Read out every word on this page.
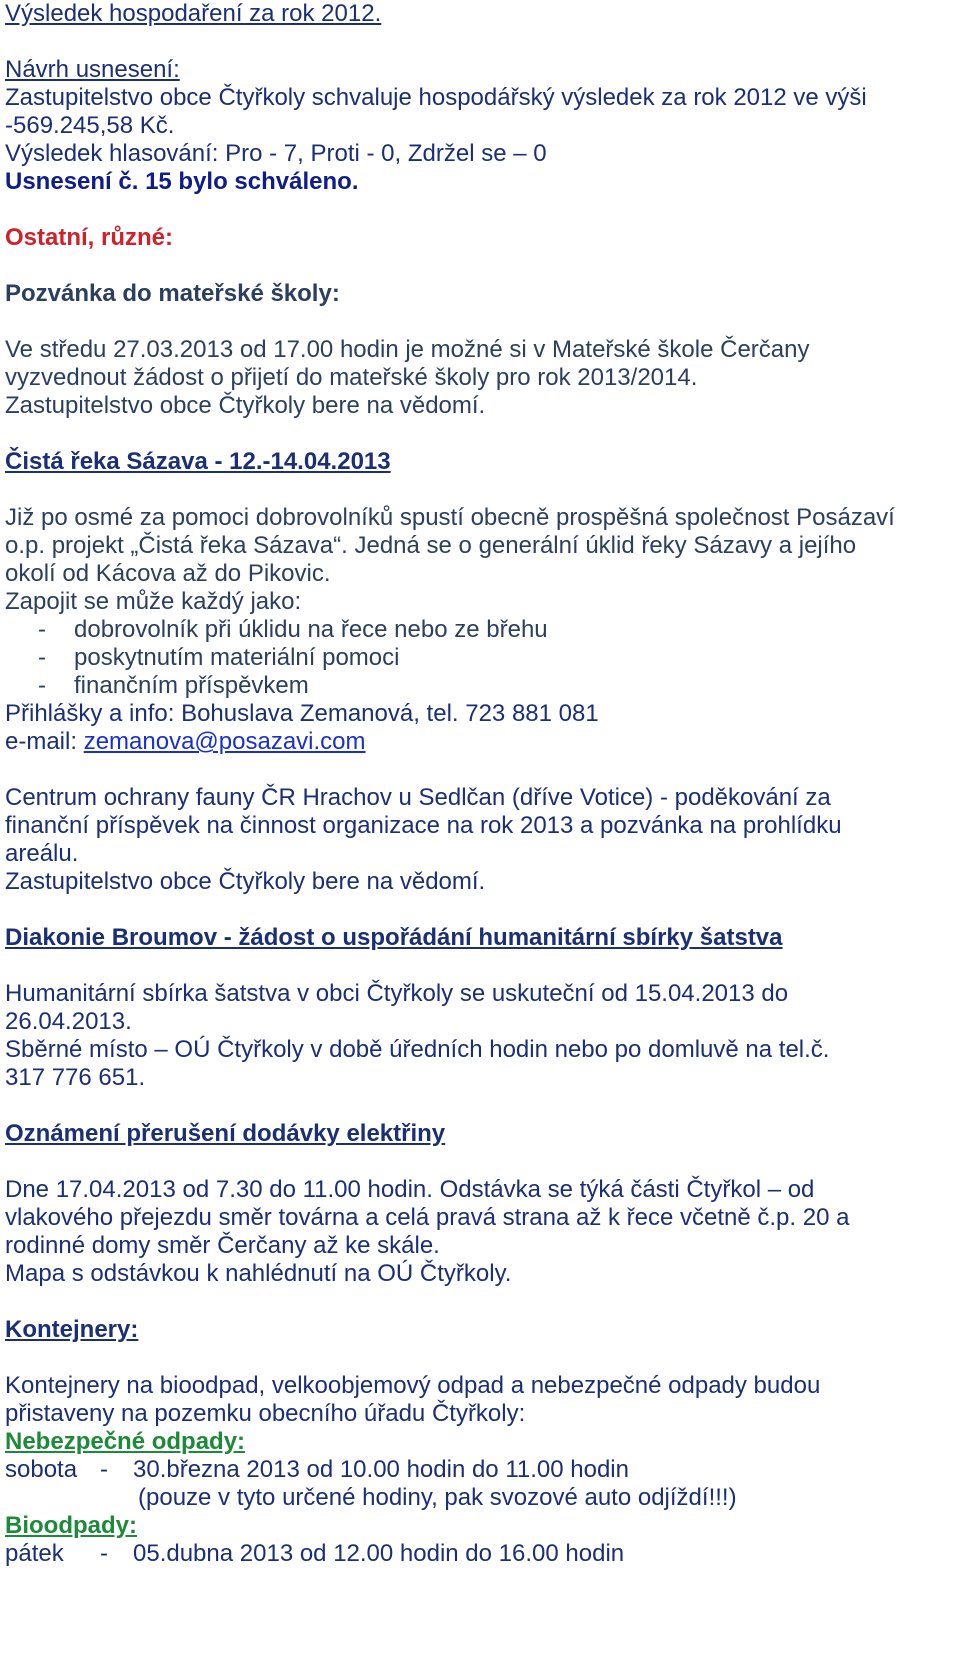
Výsledek hospodaření za rok 2012.
Návrh usnesení:
Zastupitelstvo obce Čtyřkoly schvaluje hospodářský výsledek za rok 2012 ve výši
-569.245,58 Kč.
Výsledek hlasování: Pro - 7, Proti - 0, Zdržel se – 0
Usnesení č. 15 bylo schváleno.
Ostatní, různé:
Pozvánka do mateřské školy:
Ve středu 27.03.2013 od 17.00 hodin je možné si v Mateřské škole Čerčany
vyzvednout žádost o přijetí do mateřské školy pro rok 2013/2014.
Zastupitelstvo obce Čtyřkoly bere na vědomí.
Čistá řeka Sázava - 12.-14.04.2013
Již po osmé za pomoci dobrovolníků spustí obecně prospěšná společnost Posázaví
o.p. projekt „Čistá řeka Sázava“. Jedná se o generální úklid řeky Sázavy a jejího
okolí od Kácova až do Pikovic.
Zapojit se může každý jako:
- dobrovolník při úklidu na řece nebo ze břehu
- poskytnutím materiální pomoci
- finančním příspěvkem
Přihlášky a info: Bohuslava Zemanová, tel. 723 881 081
e-mail: zemanova@posazavi.com
Centrum ochrany fauny ČR Hrachov u Sedlčan (dříve Votice) - poděkování za
finanční příspěvek na činnost organizace na rok 2013 a pozvánka na prohlídku
areálu.
Zastupitelstvo obce Čtyřkoly bere na vědomí.
Diakonie Broumov - žádost o uspořádání humanitární sbírky šatstva
Humanitární sbírka šatstva v obci Čtyřkoly se uskuteční od 15.04.2013 do
26.04.2013.
Sběrné místo – OÚ Čtyřkoly v době úředních hodin nebo po domluvě na tel.č.
317 776 651.
Oznámení přerušení dodávky elektřiny
Dne 17.04.2013 od 7.30 do 11.00 hodin. Odstávka se týká části Čtyřkol – od
vlakového přejezdu směr továrna a celá pravá strana až k řece včetně č.p. 20 a
rodinné domy směr Čerčany až ke skále.
Mapa s odstávkou k nahlédnutí na OÚ Čtyřkoly.
Kontejnery:
Kontejnery na bioodpad, velkoobjemový odpad a nebezpečné odpady budou
přistaveny na pozemku obecního úřadu Čtyřkoly:
Nebezpečné odpady:
sobota - 30.března 2013 od 10.00 hodin do 11.00 hodin
(pouze v tyto určené hodiny, pak svozové auto odjíždí!!!)
Bioodpady:
pátek - 05.dubna 2013 od 12.00 hodin do 16.00 hodin
